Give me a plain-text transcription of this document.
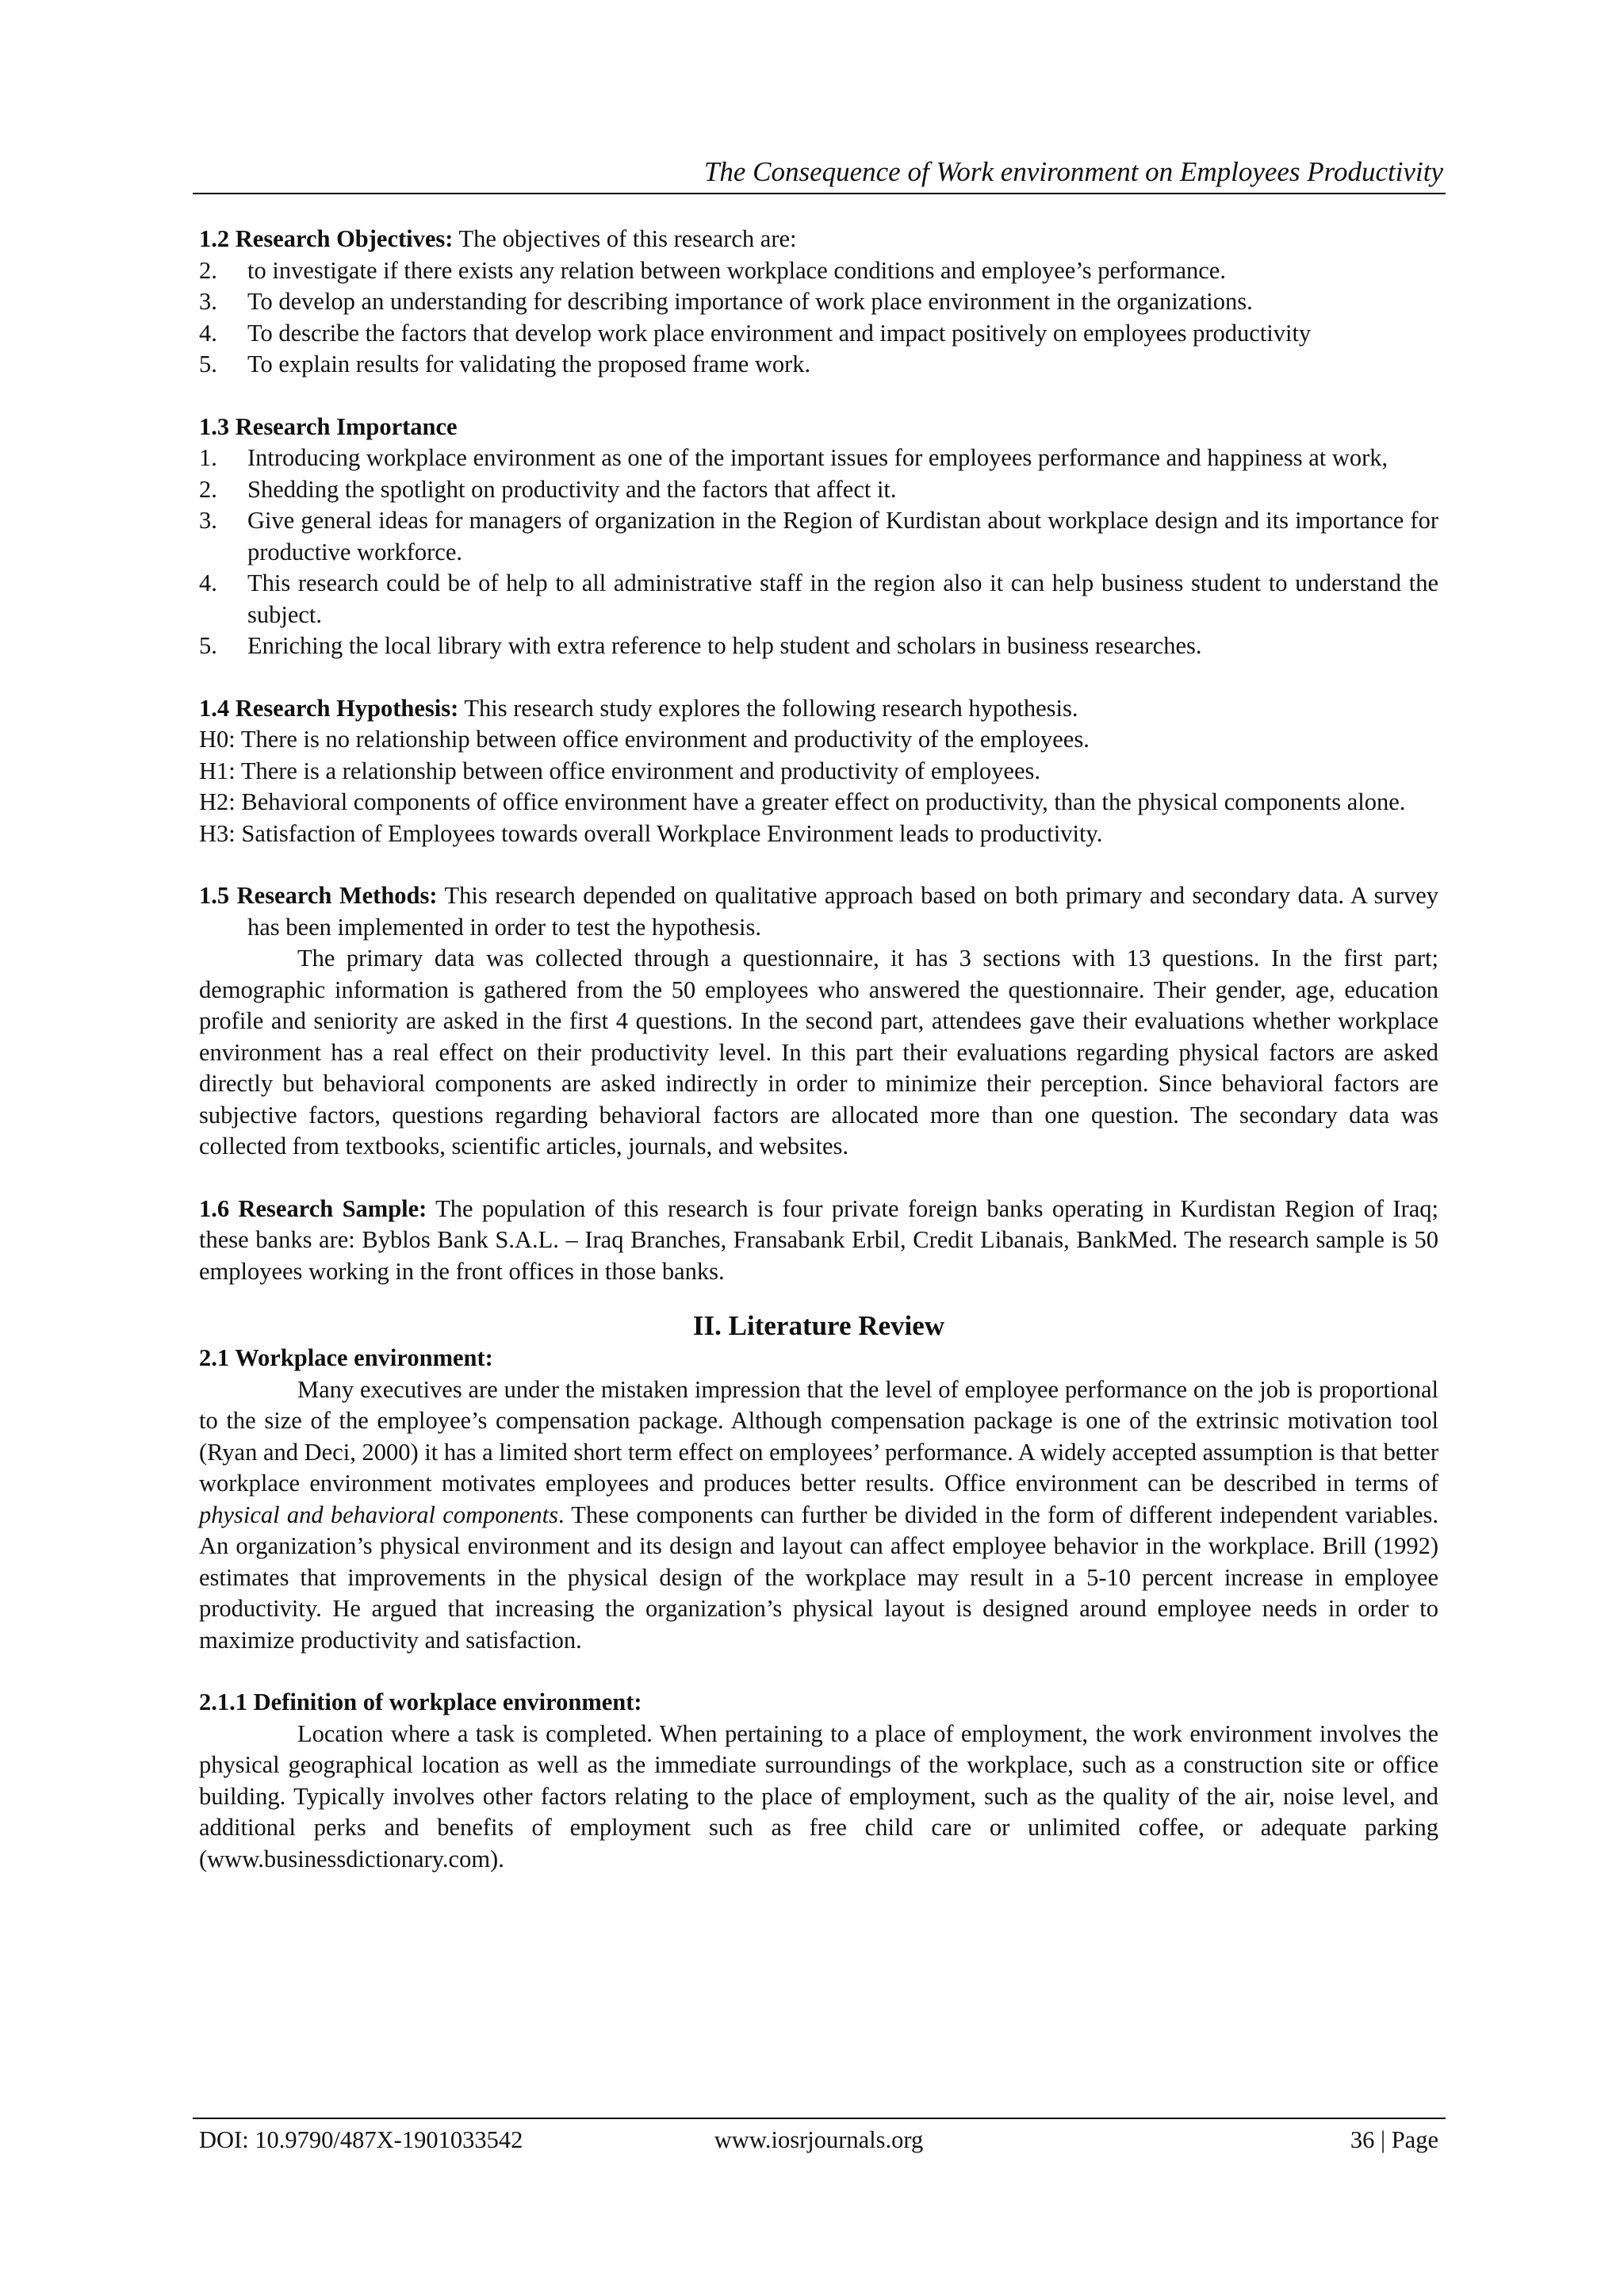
The Consequence of Work environment on Employees Productivity

1.2 Research Objectives: The objectives of this research are:

2. to investigate if there exists any relation between workplace conditions and employee’s performance.
3. To develop an understanding for describing importance of work place environment in the organizations.
4. To describe the factors that develop work place environment and impact positively on employees productivity
5. To explain results for validating the proposed frame work.

1.3 Research Importance

1. Introducing workplace environment as one of the important issues for employees performance and happiness at work,
2. Shedding the spotlight on productivity and the factors that affect it.
3. Give general ideas for managers of organization in the Region of Kurdistan about workplace design and its importance for productive workforce.
4. This research could be of help to all administrative staff in the region also it can help business student to understand the subject.
5. Enriching the local library with extra reference to help student and scholars in business researches.

1.4 Research Hypothesis: This research study explores the following research hypothesis.

H0: There is no relationship between office environment and productivity of the employees.

H1: There is a relationship between office environment and productivity of employees.

H2: Behavioral components of office environment have a greater effect on productivity, than the physical components alone.

H3: Satisfaction of Employees towards overall Workplace Environment leads to productivity.

1.5 Research Methods: This research depended on qualitative approach based on both primary and secondary data. A survey has been implemented in order to test the hypothesis.

The primary data was collected through a questionnaire, it has 3 sections with 13 questions. In the first part; demographic information is gathered from the 50 employees who answered the questionnaire. Their gender, age, education profile and seniority are asked in the first 4 questions. In the second part, attendees gave their evaluations whether workplace environment has a real effect on their productivity level. In this part their evaluations regarding physical factors are asked directly but behavioral components are asked indirectly in order to minimize their perception. Since behavioral factors are subjective factors, questions regarding behavioral factors are allocated more than one question. The secondary data was collected from textbooks, scientific articles, journals, and websites.

1.6 Research Sample: The population of this research is four private foreign banks operating in Kurdistan Region of Iraq; these banks are: Byblos Bank S.A.L. – Iraq Branches, Fransabank Erbil, Credit Libanais, BankMed. The research sample is 50 employees working in the front offices in those banks.

II. Literature Review

2.1 Workplace environment:

Many executives are under the mistaken impression that the level of employee performance on the job is proportional to the size of the employee’s compensation package. Although compensation package is one of the extrinsic motivation tool (Ryan and Deci, 2000) it has a limited short term effect on employees’ performance. A widely accepted assumption is that better workplace environment motivates employees and produces better results. Office environment can be described in terms of physical and behavioral components. These components can further be divided in the form of different independent variables. An organization’s physical environment and its design and layout can affect employee behavior in the workplace. Brill (1992) estimates that improvements in the physical design of the workplace may result in a 5-10 percent increase in employee productivity. He argued that increasing the organization’s physical layout is designed around employee needs in order to maximize productivity and satisfaction.

2.1.1 Definition of workplace environment:

Location where a task is completed. When pertaining to a place of employment, the work environment involves the physical geographical location as well as the immediate surroundings of the workplace, such as a construction site or office building. Typically involves other factors relating to the place of employment, such as the quality of the air, noise level, and additional perks and benefits of employment such as free child care or unlimited coffee, or adequate parking (www.businessdictionary.com).

DOI: 10.9790/487X-1901033542	www.iosrjournals.org	36 | Page
